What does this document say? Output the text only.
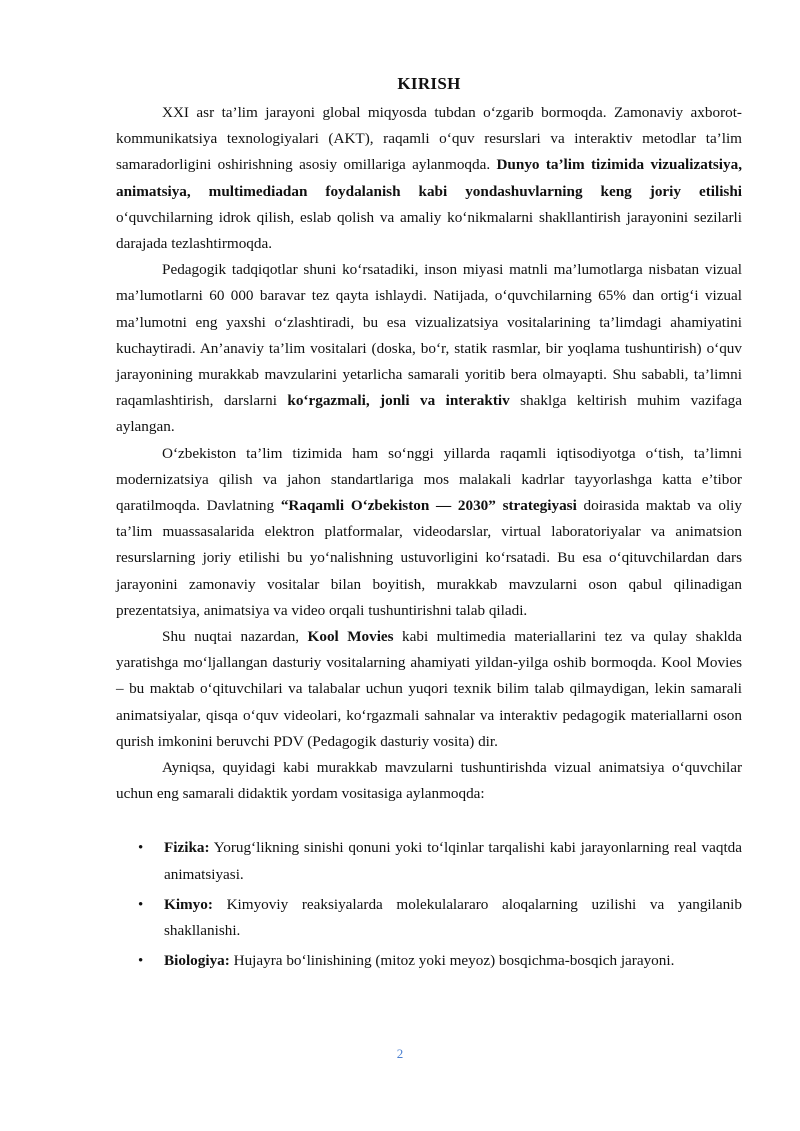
KIRISH

XXI asr ta’lim jarayoni global miqyosda tubdan o‘zgarib bormoqda. Zamonaviy axborot-kommunikatsiya texnologiyalari (AKT), raqamli o‘quv resurslari va interaktiv metodlar ta’lim samaradorligini oshirishning asosiy omillariga aylanmoqda. Dunyo ta’lim tizimida vizualizatsiya, animatsiya, multimediadan foydalanish kabi yondashuvlarning keng joriy etilishi o‘quvchilarning idrok qilish, eslab qolish va amaliy ko‘nikmalarni shakllantirish jarayonini sezilarli darajada tezlashtirmoqda.

Pedagogik tadqiqotlar shuni ko‘rsatadiki, inson miyasi matnli ma’lumotlarga nisbatan vizual ma’lumotlarni 60 000 baravar tez qayta ishlaydi. Natijada, o‘quvchilarning 65% dan ortig‘i vizual ma’lumotni eng yaxshi o‘zlashtiradi, bu esa vizualizatsiya vositalarining ta’limdagi ahamiyatini kuchaytiradi. An’anaviy ta’lim vositalari (doska, bo‘r, statik rasmlar, bir yoqlama tushuntirish) o‘quv jarayonining murakkab mavzularini yetarlicha samarali yoritib bera olmayapti. Shu sababli, ta’limni raqamlashtirish, darslarni ko‘rgazmali, jonli va interaktiv shaklga keltirish muhim vazifaga aylangan.

O‘zbekiston ta’lim tizimida ham so‘nggi yillarda raqamli iqtisodiyotga o‘tish, ta’limni modernizatsiya qilish va jahon standartlariga mos malakali kadrlar tayyorlashga katta e’tibor qaratilmoqda. Davlatning “Raqamli O‘zbekiston — 2030” strategiyasi doirasida maktab va oliy ta’lim muassasalarida elektron platformalar, videodarslar, virtual laboratoriyalar va animatsion resurslarning joriy etilishi bu yo‘nalishning ustuvorligini ko‘rsatadi. Bu esa o‘qituvchilardan dars jarayonini zamonaviy vositalar bilan boyitish, murakkab mavzularni oson qabul qilinadigan prezentatsiya, animatsiya va video orqali tushuntirishni talab qiladi.

Shu nuqtai nazardan, Kool Movies kabi multimedia materiallarini tez va qulay shaklda yaratishga mo‘ljallangan dasturiy vositalarning ahamiyati yildan-yilga oshib bormoqda. Kool Movies – bu maktab o‘qituvchilari va talabalar uchun yuqori texnik bilim talab qilmaydigan, lekin samarali animatsiyalar, qisqa o‘quv videolari, ko‘rgazmali sahnalar va interaktiv pedagogik materiallarni oson qurish imkonini beruvchi PDV (Pedagogik dasturiy vosita) dir.

Ayniqsa, quyidagi kabi murakkab mavzularni tushuntirishda vizual animatsiya o‘quvchilar uchun eng samarali didaktik yordam vositasiga aylanmoqda:

• Fizika: Yorug‘likning sinishi qonuni yoki to‘lqinlar tarqalishi kabi jarayonlarning real vaqtda animatsiyasi.
• Kimyo: Kimyoviy reaksiyalarda molekulalararo aloqalarning uzilishi va yangilanib shakllanishi.
• Biologiya: Hujayra bo‘linishining (mitoz yoki meyoz) bosqichma-bosqich jarayoni.
2
